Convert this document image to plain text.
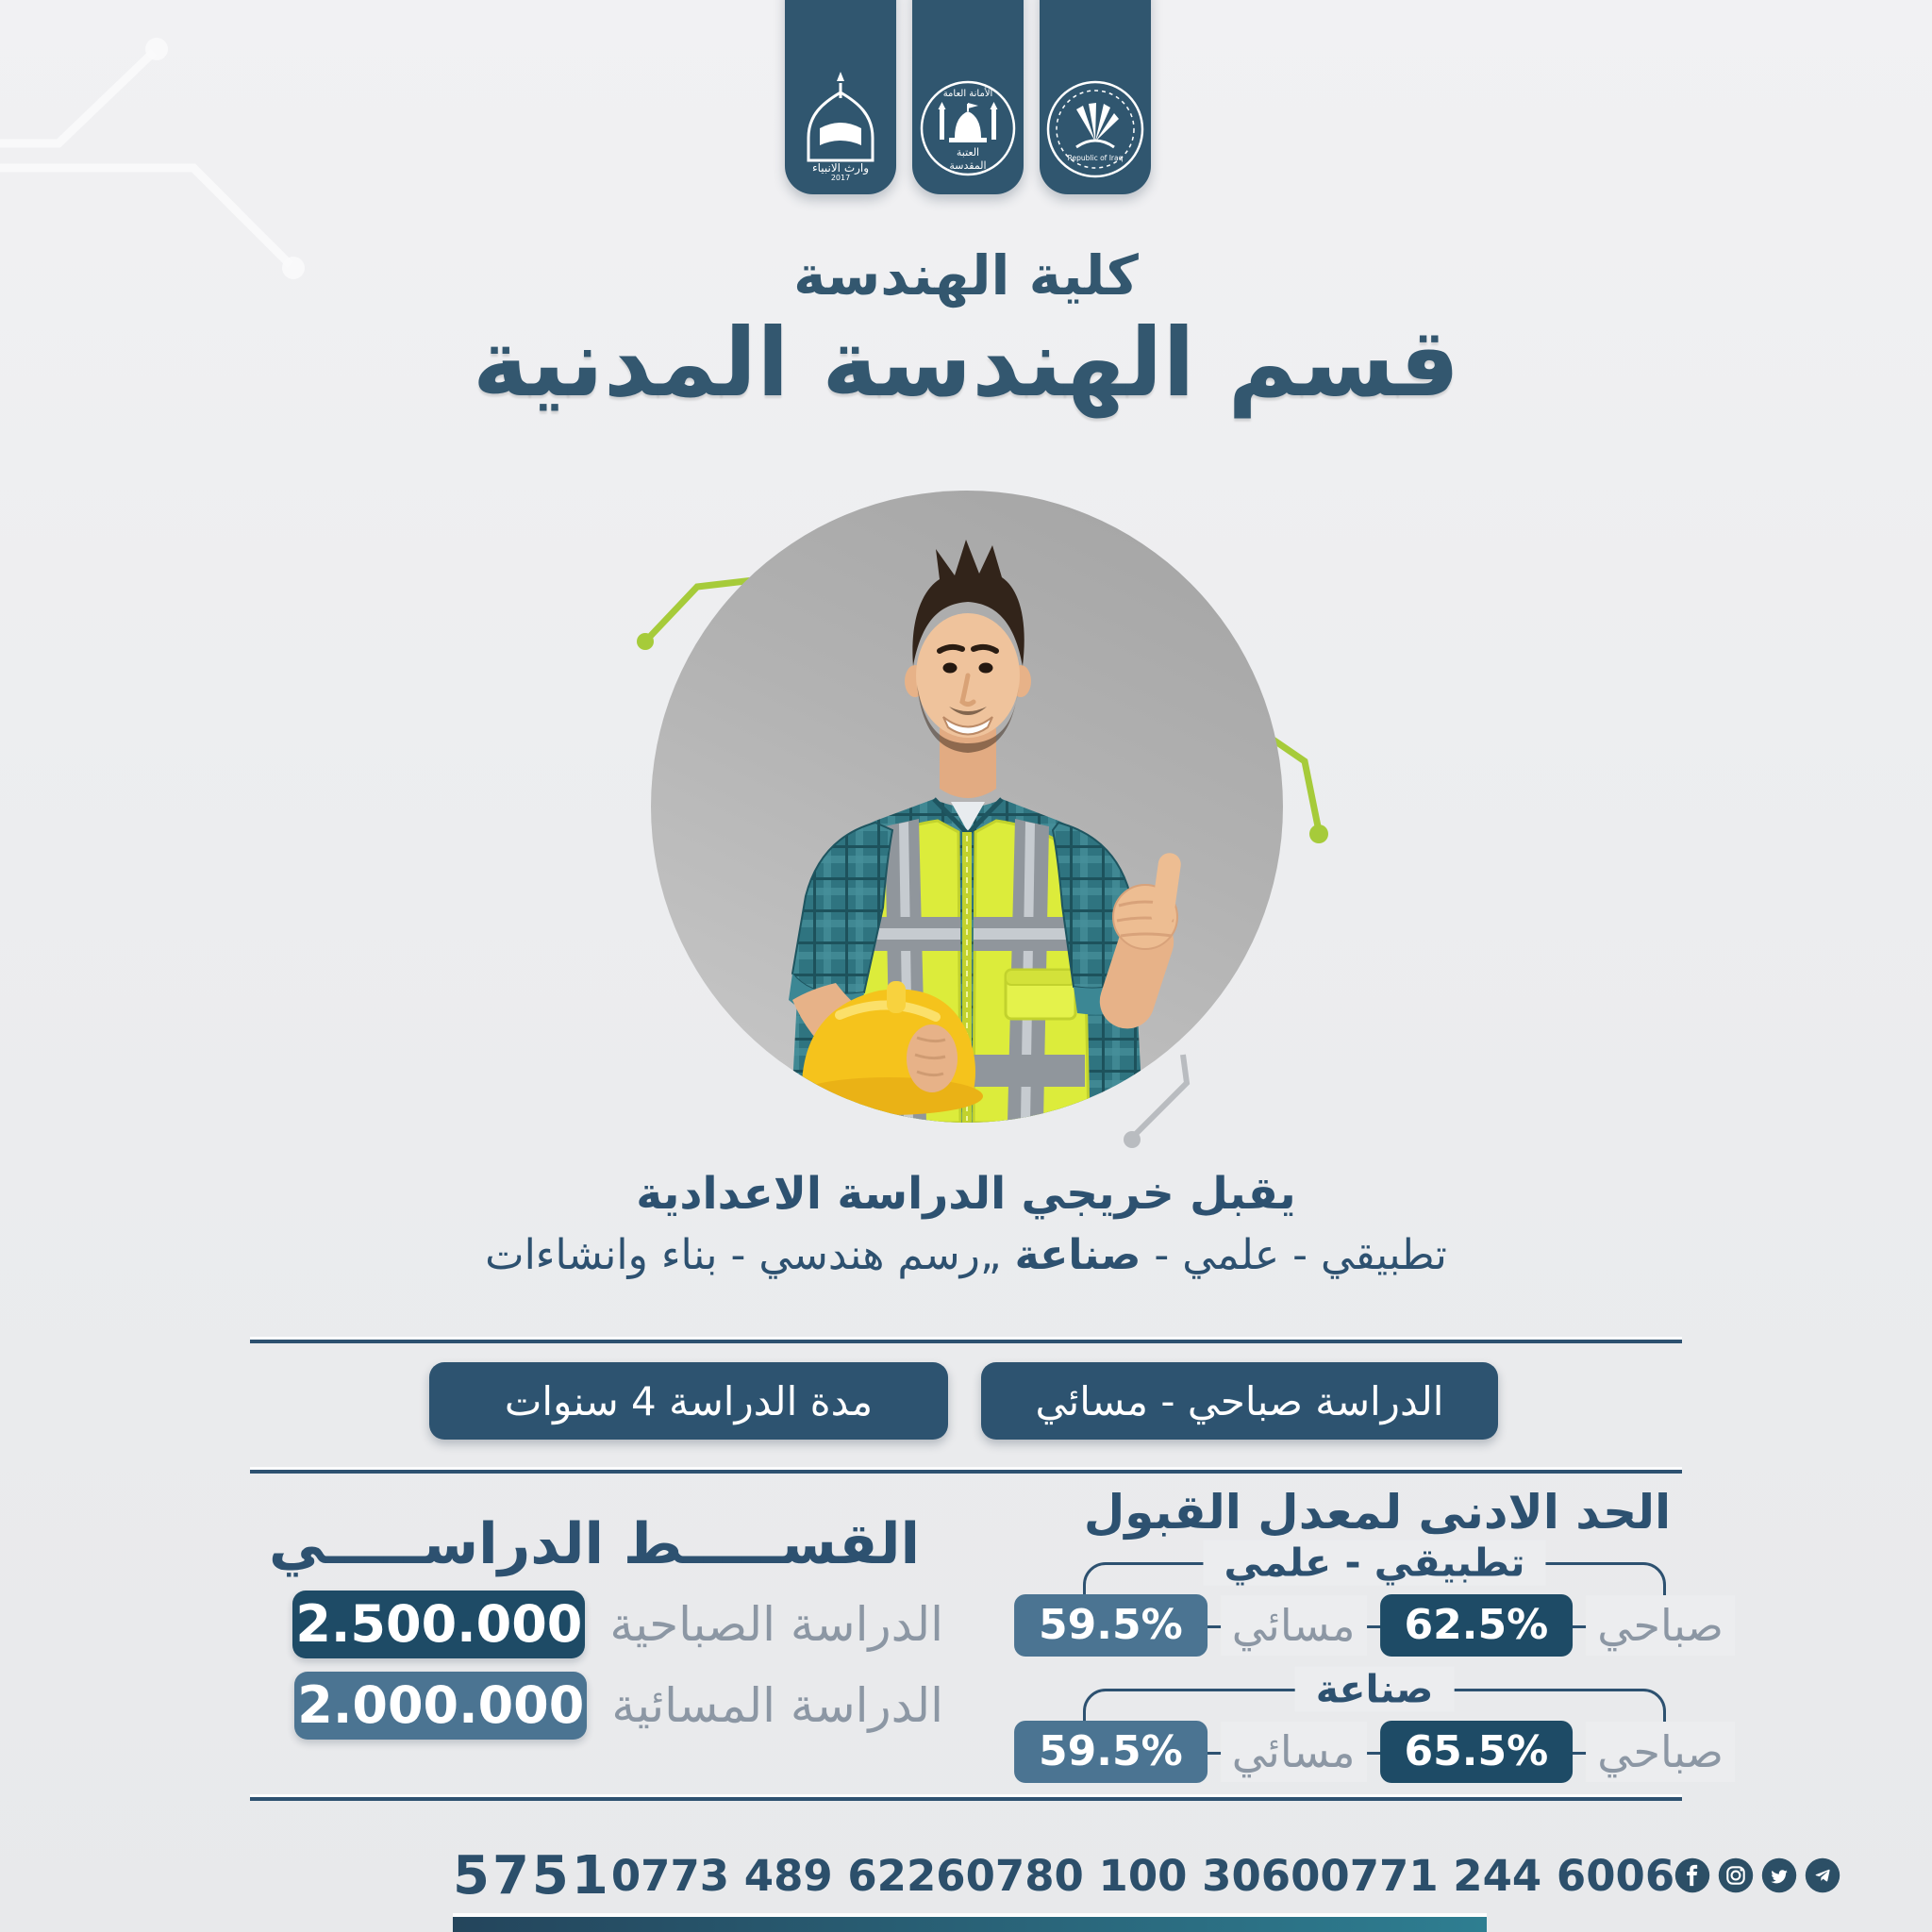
وارث الانبياء
2017
الأمانة العامة
العتبة
المقدسة
Republic of Iraq
كلية الهندسة
قسم الهندسة المدنية
يقبل خريجي الدراسة الاعدادية
تطبيقي - علمي - صناعة „رسم هندسي - بناء وانشاءات
مدة الدراسة 4 سنوات	الدراسة صباحي - مسائي
الحد الادنى لمعدل القبول
تطبيقي - علمي
صباحي
62.5%
مسائي
59.5%
صناعة
صباحي
65.5%
مسائي
59.5%
القســـــط الدراســـــي
الدراسة الصباحية
2.500.000
الدراسة المسائية
2.000.000
5751 0773 489 6226 0780 100 3060 0771 244 6006
